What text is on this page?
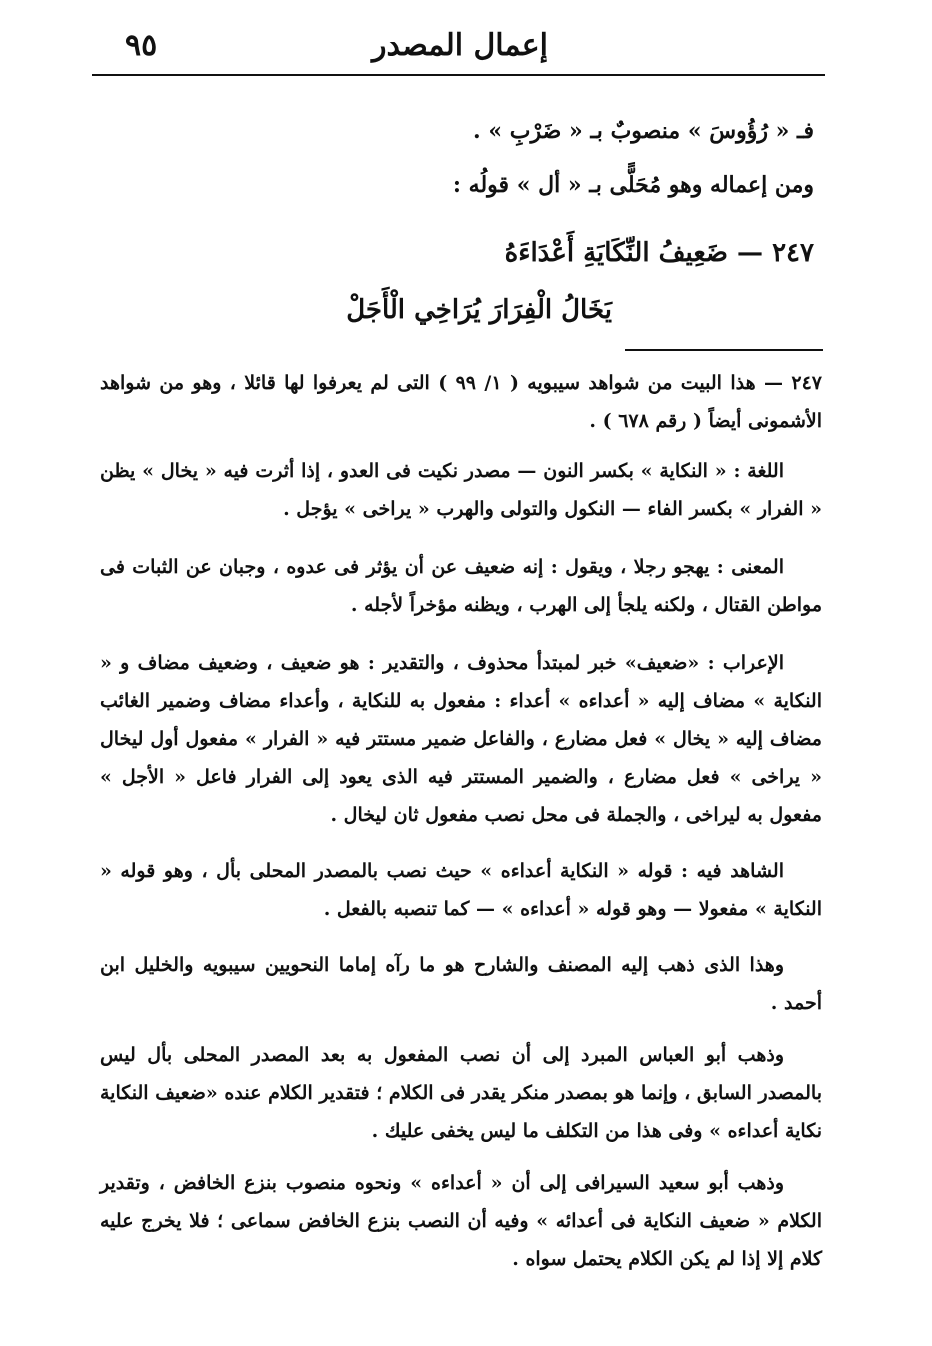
٩٥	إعمال المصدر
فـ « رُؤُوسَ » منصوبٌ بـ « ضَرْبِ » .
ومن إعماله وهو مُحَلًّى بـ « أل » قولُه :
٢٤٧ — ضَعِيفُ النِّكَايَةِ أَعْدَاءَهُ
يَخَالُ الْفِرَارَ يُرَاخِي الْأَجَلْ

٢٤٧ — هذا البيت من شواهد سيبويه ( ١/ ٩٩ ) التى لم يعرفوا لها قائلا ، وهو من شواهد الأشمونى أيضاً ( رقم ٦٧٨ ) .

اللغة : « النكاية » بكسر النون — مصدر نكيت فى العدو ، إذا أثرت فيه « يخال » يظن « الفرار » بكسر الفاء — النكول والتولى والهرب « يراخى » يؤجل .

المعنى : يهجو رجلا ، ويقول : إنه ضعيف عن أن يؤثر فى عدوه ، وجبان عن الثبات فى مواطن القتال ، ولكنه يلجأ إلى الهرب ، ويظنه مؤخراً لأجله .

الإعراب : «ضعيف» خبر لمبتدأ محذوف ، والتقدير : هو ضعيف ، وضعيف مضاف و « النكاية » مضاف إليه « أعداءه » أعداء : مفعول به للنكاية ، وأعداء مضاف وضمير الغائب مضاف إليه « يخال » فعل مضارع ، والفاعل ضمير مستتر فيه « الفرار » مفعول أول ليخال « يراخى » فعل مضارع ، والضمير المستتر فيه الذى يعود إلى الفرار فاعل « الأجل » مفعول به ليراخى ، والجملة فى محل نصب مفعول ثان ليخال .

الشاهد فيه : قوله « النكاية أعداءه » حيث نصب بالمصدر المحلى بأل ، وهو قوله « النكاية » مفعولا — وهو قوله « أعداءه » — كما تنصبه بالفعل .

وهذا الذى ذهب إليه المصنف والشارح هو ما رآه إماما النحويين سيبويه والخليل ابن أحمد .

وذهب أبو العباس المبرد إلى أن نصب المفعول به بعد المصدر المحلى بأل ليس بالمصدر السابق ، وإنما هو بمصدر منكر يقدر فى الكلام ؛ فتقدير الكلام عنده «ضعيف النكاية نكاية أعداءه » وفى هذا من التكلف ما ليس يخفى عليك .

وذهب أبو سعيد السيرافى إلى أن « أعداءه » ونحوه منصوب بنزع الخافض ، وتقدير الكلام « ضعيف النكاية فى أعدائه » وفيه أن النصب بنزع الخافض سماعى ؛ فلا يخرج عليه كلام إلا إذا لم يكن الكلام يحتمل سواه .
